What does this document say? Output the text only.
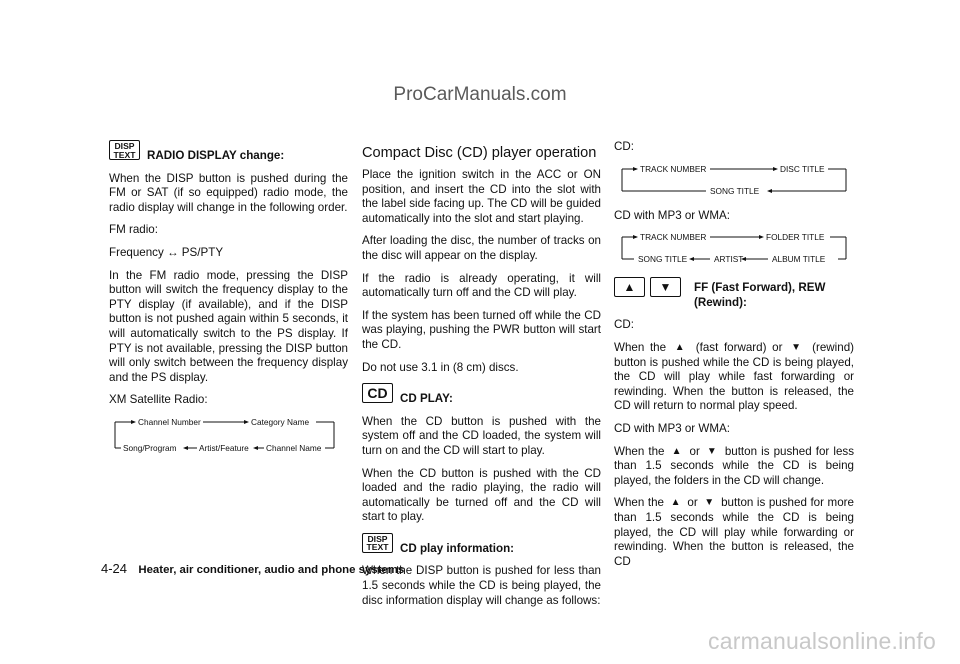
ProCarManuals.com
DISP
TEXT RADIO DISPLAY change:

When the DISP button is pushed during the FM or SAT (if so equipped) radio mode, the radio display will change in the following order.

FM radio:

Frequency ↔ PS/PTY

In the FM radio mode, pressing the DISP button will switch the frequency display to the PTY display (if available), and if the DISP button is not pushed again within 5 seconds, it will automatically switch to the PS display. If PTY is not available, pressing the DISP button will only switch between the frequency display and the PS display.

XM Satellite Radio:

Channel Number	Category Name
Song/Program	Artist/Feature Channel Name
Compact Disc (CD) player operation

Place the ignition switch in the ACC or ON position, and insert the CD into the slot with the label side facing up. The CD will be guided automatically into the slot and start playing.

After loading the disc, the number of tracks on the disc will appear on the display.

If the radio is already operating, it will automatically turn off and the CD will play.

If the system has been turned off while the CD was playing, pushing the PWR button will start the CD.

Do not use 3.1 in (8 cm) discs.

CD	CD PLAY:

When the CD button is pushed with the system off and the CD loaded, the system will turn on and the CD will start to play.

When the CD button is pushed with the CD loaded and the radio playing, the radio will automatically be turned off and the CD will start to play.

DISP
TEXT CD play information:

When the DISP button is pushed for less than 1.5 seconds while the CD is being played, the disc information display will change as follows:

CD:

TRACK NUMBER	DISC TITLE
SONG TITLE

CD with MP3 or WMA:

TRACK NUMBER	FOLDER TITLE
ALBUM TITLE
ARTIST
SONG TITLE
▲	▼	FF (Fast Forward), REW (Rewind):

CD:

When the ▲ (fast forward) or ▼ (rewind) button is pushed while the CD is being played, the CD will play while fast forwarding or rewinding. When the button is released, the CD will return to normal play speed.

CD with MP3 or WMA:

When the ▲ or ▼ button is pushed for less than 1.5 seconds while the CD is being played, the folders in the CD will change.

When the ▲ or ▼ button is pushed for more than 1.5 seconds while the CD is being played, the CD will play while forwarding or rewinding. When the button is released, the CD

4-24 Heater, air conditioner, audio and phone systems
carmanualsonline.info
